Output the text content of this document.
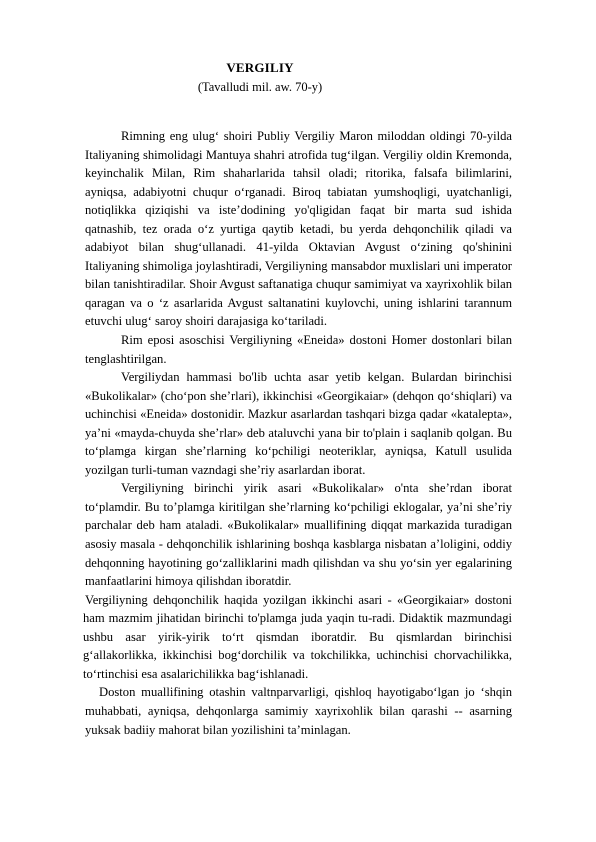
VERGILIY
(Tavalludi mil. aw. 70-y)

Rimning eng ulug‘ shoiri Publiy Vergiliy Maron miloddan oldingi 70-yilda Italiyaning shimolidagi Mantuya shahri atrofida tug‘ilgan. Vergiliy oldin Kremonda, keyinchalik Milan, Rim shaharlarida tahsil oladi; ritorika, falsafa bilimlarini, ayniqsa, adabiyotni chuqur o‘rganadi. Biroq tabiatan yumshoqligi, uyatchanligi, notiqlikka qiziqishi va iste’dodining yo'qligidan faqat bir marta sud ishida qatnashib, tez orada o‘z yurtiga qaytib ketadi, bu yerda dehqonchilik qiladi va adabiyot bilan shug‘ullanadi. 41-yilda Oktavian Avgust o‘zining qo'shinini Italiyaning shimoliga joylashtiradi, Vergiliyning mansabdor muxlislari uni imperator bilan tanishtiradilar. Shoir Avgust saftanatiga chuqur samimiyat va xayrixohlik bilan qaragan va o ‘z asarlarida Avgust saltanatini kuylovchi, uning ishlarini tarannum etuvchi ulug‘ saroy shoiri darajasiga ko‘tariladi.

Rim eposi asoschisi Vergiliyning «Eneida» dostoni Homer dostonlari bilan tenglashtirilgan.

Vergiliydan hammasi bo'lib uchta asar yetib kelgan. Bulardan birinchisi «Bukolikalar» (cho‘pon she’rlari), ikkinchisi «Georgikaiar» (dehqon qo‘shiqlari) va uchinchisi «Eneida» dostonidir. Mazkur asarlardan tashqari bizga qadar «katalepta», ya’ni «mayda-chuyda she’rlar» deb ataluvchi yana bir to'plain i saqlanib qolgan. Bu to‘plamga kirgan she’rlarning ko‘pchiligi neoteriklar, ayniqsa, Katull usulida yozilgan turli-tuman vazndagi she’riy asarlardan iborat.

Vergiliyning birinchi yirik asari «Bukolikalar» o'nta she’rdan iborat to‘plamdir. Bu to’plamga kiritilgan she’rlarning ko‘pchiligi eklogalar, ya’ni she’riy parchalar deb ham ataladi. «Bukolikalar» muallifining diqqat markazida turadigan asosiy masala - dehqonchilik ishlarining boshqa kasblarga nisbatan a’loligini, oddiy dehqonning hayotining go‘zalliklarini madh qilishdan va shu yo‘sin yer egalarining manfaatlarini himoya qilishdan iboratdir.

Vergiliyning dehqonchilik haqida yozilgan ikkinchi asari - «Georgikaiar» dostoni ham mazmim jihatidan birinchi to'plamga juda yaqin tu-radi. Didaktik mazmundagi ushbu asar yirik-yirik to‘rt qismdan iboratdir. Bu qismlardan birinchisi g‘allakorlikka, ikkinchisi bog‘dorchilik va tokchilikka, uchinchisi chorvachilikka, to‘rtinchisi esa asalarichilikka bag‘ishlanadi.

Doston muallifining otashin valtnparvarligi, qishloq hayotigabo‘lgan jo ‘shqin muhabbati, ayniqsa, dehqonlarga samimiy xayrixohlik bilan qarashi -- asarning yuksak badiiy mahorat bilan yozilishini ta’minlagan.
